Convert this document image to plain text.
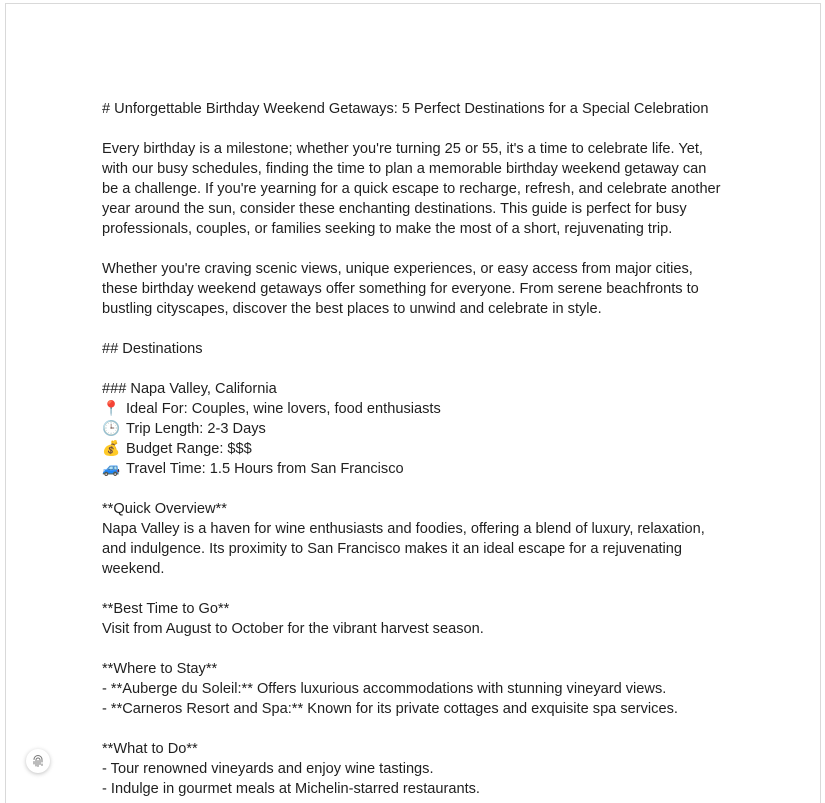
# Unforgettable Birthday Weekend Getaways: 5 Perfect Destinations for a Special Celebration
Every birthday is a milestone; whether you're turning 25 or 55, it's a time to celebrate life. Yet,
with our busy schedules, finding the time to plan a memorable birthday weekend getaway can
be a challenge. If you're yearning for a quick escape to recharge, refresh, and celebrate another
year around the sun, consider these enchanting destinations. This guide is perfect for busy
professionals, couples, or families seeking to make the most of a short, rejuvenating trip.
Whether you're craving scenic views, unique experiences, or easy access from major cities,
these birthday weekend getaways offer something for everyone. From serene beachfronts to
bustling cityscapes, discover the best places to unwind and celebrate in style.
## Destinations
### Napa Valley, California
📍 Ideal For: Couples, wine lovers, food enthusiasts
🕒 Trip Length: 2-3 Days
💰 Budget Range: $$$
🚙 Travel Time: 1.5 Hours from San Francisco
**Quick Overview**
Napa Valley is a haven for wine enthusiasts and foodies, offering a blend of luxury, relaxation,
and indulgence. Its proximity to San Francisco makes it an ideal escape for a rejuvenating
weekend.
**Best Time to Go**
Visit from August to October for the vibrant harvest season.
**Where to Stay**
- **Auberge du Soleil:** Offers luxurious accommodations with stunning vineyard views.
- **Carneros Resort and Spa:** Known for its private cottages and exquisite spa services.
**What to Do**
- Tour renowned vineyards and enjoy wine tastings.
- Indulge in gourmet meals at Michelin-starred restaurants.
